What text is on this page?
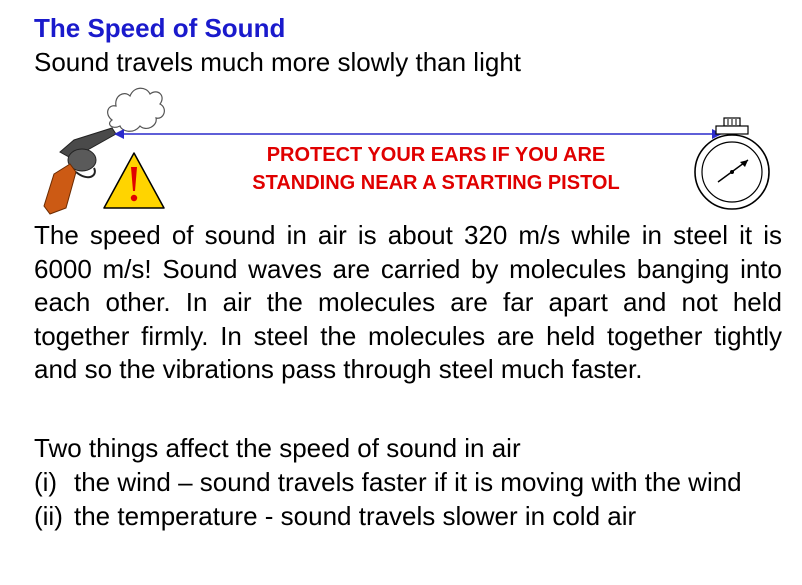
The Speed of Sound
Sound travels much more slowly than light
PROTECT YOUR EARS IF YOU ARE
STANDING NEAR A STARTING PISTOL
The speed of sound in air is about 320 m/s while in steel it is 6000 m/s! Sound waves are carried by molecules banging into each other. In air the molecules are far apart and not held together firmly. In steel the molecules are held together tightly and so the vibrations pass through steel much faster.
Two things affect the speed of sound in air
(i) the wind – sound travels faster if it is moving with the wind
(ii) the temperature - sound travels slower in cold air
